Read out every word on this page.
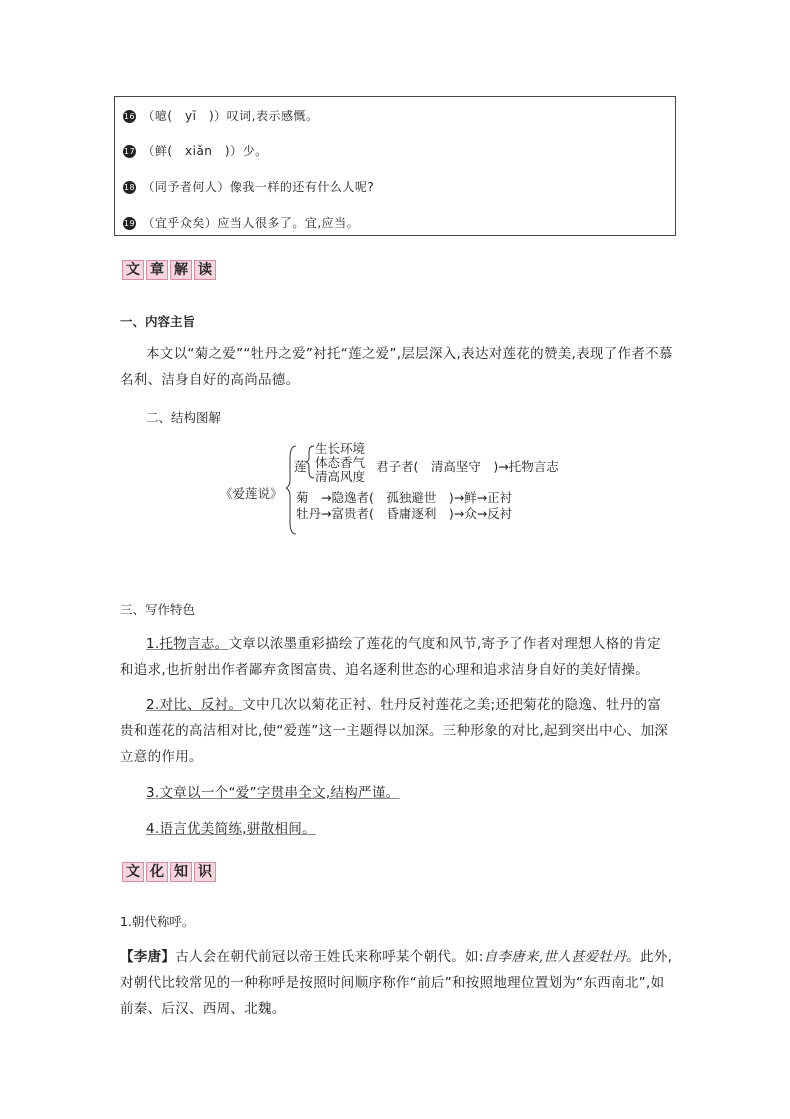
16 （噫(　yī　)）叹词,表示感慨。
17 （鲜(　xiǎn　)）少。
18 （同予者何人）像我一样的还有什么人呢?
19 （宜乎众矣）应当人很多了。宜,应当。
文 章 解 读
一、内容主旨
本文以“菊之爱”“牡丹之爱”衬托“莲之爱”,层层深入,表达对莲花的赞美,表现了作者不慕
名利、洁身自好的高尚品德。
二、结构图解
《爱莲说》
莲
生长环境
体态香气
清高风度
君子者(　清高坚守　)→托物言志
菊　→隐逸者(　孤独避世　)→鲜→正衬
牡丹→富贵者(　昏庸逐利　)→众→反衬
三、写作特色
1.托物言志。文章以浓墨重彩描绘了莲花的气度和风节,寄予了作者对理想人格的肯定
和追求,也折射出作者鄙弃贪图富贵、追名逐利世态的心理和追求洁身自好的美好情操。
2.对比、反衬。文中几次以菊花正衬、牡丹反衬莲花之美;还把菊花的隐逸、牡丹的富
贵和莲花的高洁相对比,使“爱莲”这一主题得以加深。三种形象的对比,起到突出中心、加深
立意的作用。
3.文章以一个“爱”字贯串全文,结构严谨。
4.语言优美简练,骈散相间。
文 化 知 识
1.朝代称呼。
【李唐】古人会在朝代前冠以帝王姓氏来称呼某个朝代。如:自李唐来,世人甚爱牡丹。此外,
对朝代比较常见的一种称呼是按照时间顺序称作“前后”和按照地理位置划为“东西南北”,如
前秦、后汉、西周、北魏。
